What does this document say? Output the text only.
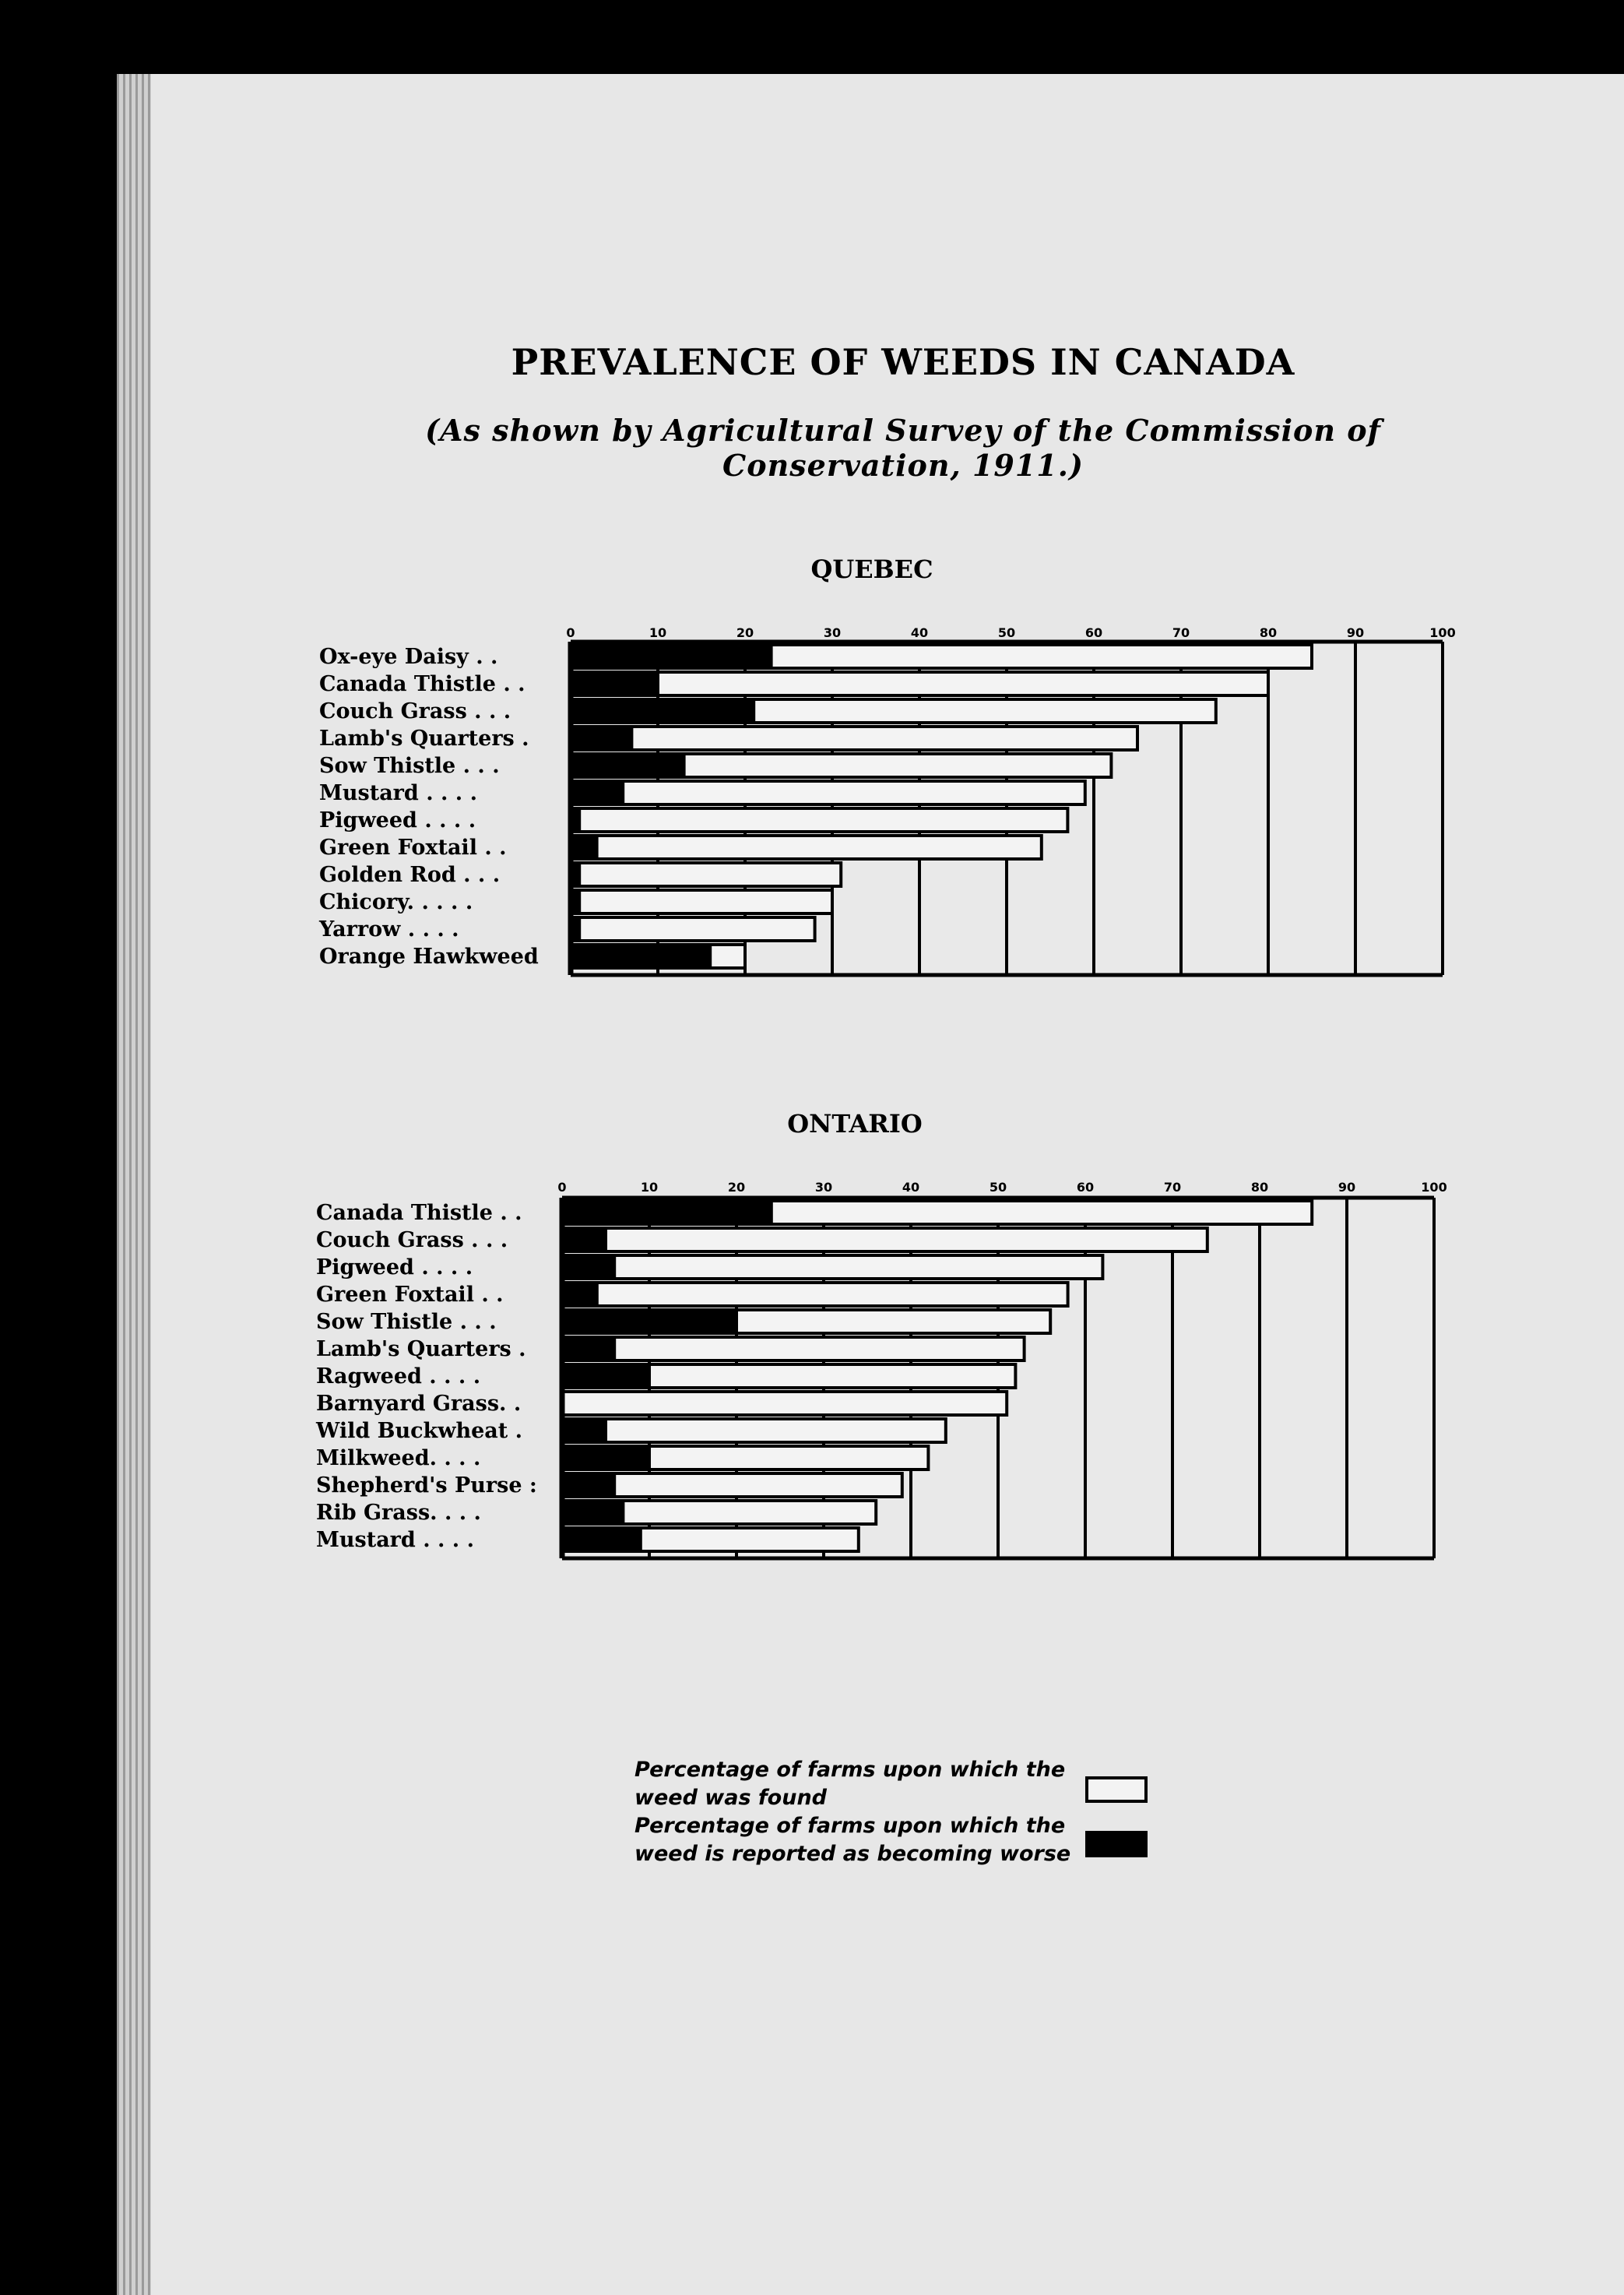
PREVALENCE OF WEEDS IN CANADA
(As shown by Agricultural Survey of the Commission of Conservation, 1911.)
QUEBEC
0	10	20	30	40	50	60	70	80	90	100
Ox-eye Daisy . .
Canada Thistle . .
Couch Grass . . .
Lamb's Quarters .
Sow Thistle . . .
Mustard . . . .
Pigweed . . . .
Green Foxtail . .
Golden Rod . . .
Chicory. . . . .
Yarrow . . . .
Orange Hawkweed
ONTARIO
0	10	20	30	40	50	60	70	80	90	100
Canada Thistle . .
Couch Grass . . .
Pigweed . . . .
Green Foxtail . .
Sow Thistle . . .
Lamb's Quarters .
Ragweed . . . .
Barnyard Grass. .
Wild Buckwheat .
Milkweed. . . .
Shepherd's Purse :
Rib Grass. . . .
Mustard . . . .
Percentage of farms upon which the weed was found
Percentage of farms upon which the weed is reported as becoming worse
